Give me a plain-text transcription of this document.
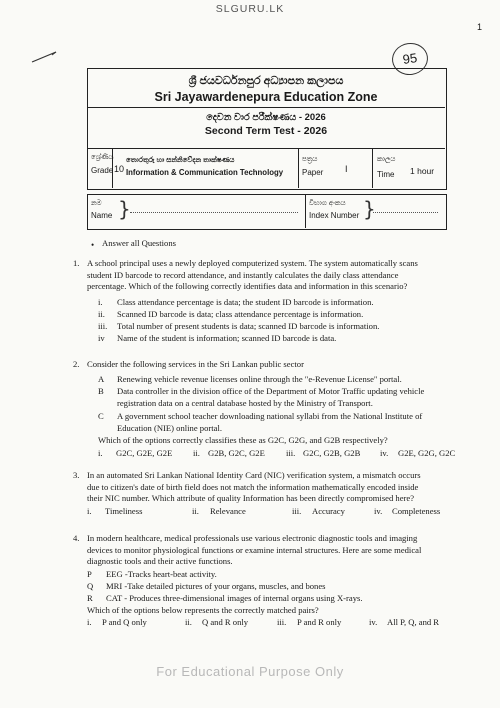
SLGURU.LK
1
95
ශ්‍රී ජයවර්ධනපුර අධ්‍යාපන කලාපය
Sri Jayawardenepura Education Zone
දෙවන වාර පරීක්ෂණය - 2026
Second Term Test - 2026
ශ්‍රේණිය
Grade 10
තොරතුරු හා සන්නිවේදන තාක්ෂණය
Information & Communication Technology
පත්‍රය
Paper I
කාලය
Time 1 hour
නම
Name }	විභාග අංකය
Index Number }
• Answer all Questions
1. A school principal uses a newly deployed computerized system. The system automatically scans
student ID barcode to record attendance, and instantly calculates the daily class attendance
percentage. Which of the following correctly identifies data and information in this scenario?
i. Class attendance percentage is data; the student ID barcode is information.
ii. Scanned ID barcode is data; class attendance percentage is information.
iii. Total number of present students is data; scanned ID barcode is information.
iv Name of the student is information; scanned ID barcode is data.
2. Consider the following services in the Sri Lankan public sector
A Renewing vehicle revenue licenses online through the "e-Revenue License" portal.
B Data controller in the division office of the Department of Motor Traffic updating vehicle
registration data on a central database hosted by the Ministry of Transport.
C A government school teacher downloading national syllabi from the National Institute of
Education (NIE) online portal.
Which of the options correctly classifies these as G2C, G2G, and G2B respectively?
i. G2C, G2E, G2E ii. G2B, G2C, G2E iii. G2C, G2B, G2B iv. G2E, G2G, G2C
3. In an automated Sri Lankan National Identity Card (NIC) verification system, a mismatch occurs
due to citizen's date of birth field does not match the information mathematically encoded inside
their NIC number. Which attribute of quality Information has been directly compromised here?
i. Timeliness	ii. Relevance	iii. Accuracy	iv. Completeness
4. In modern healthcare, medical professionals use various electronic diagnostic tools and imaging
devices to monitor physiological functions or examine internal structures. Here are some medical
diagnostic tools and their active functions.
P EEG -Tracks heart-beat activity.
Q MRI -Take detailed pictures of your organs, muscles, and bones
R CAT - Produces three-dimensional images of internal organs using X-rays.
Which of the options below represents the correctly matched pairs?
i. P and Q only	ii. Q and R only	iii. P and R only	iv. All P, Q, and R
For Educational Purpose Only
